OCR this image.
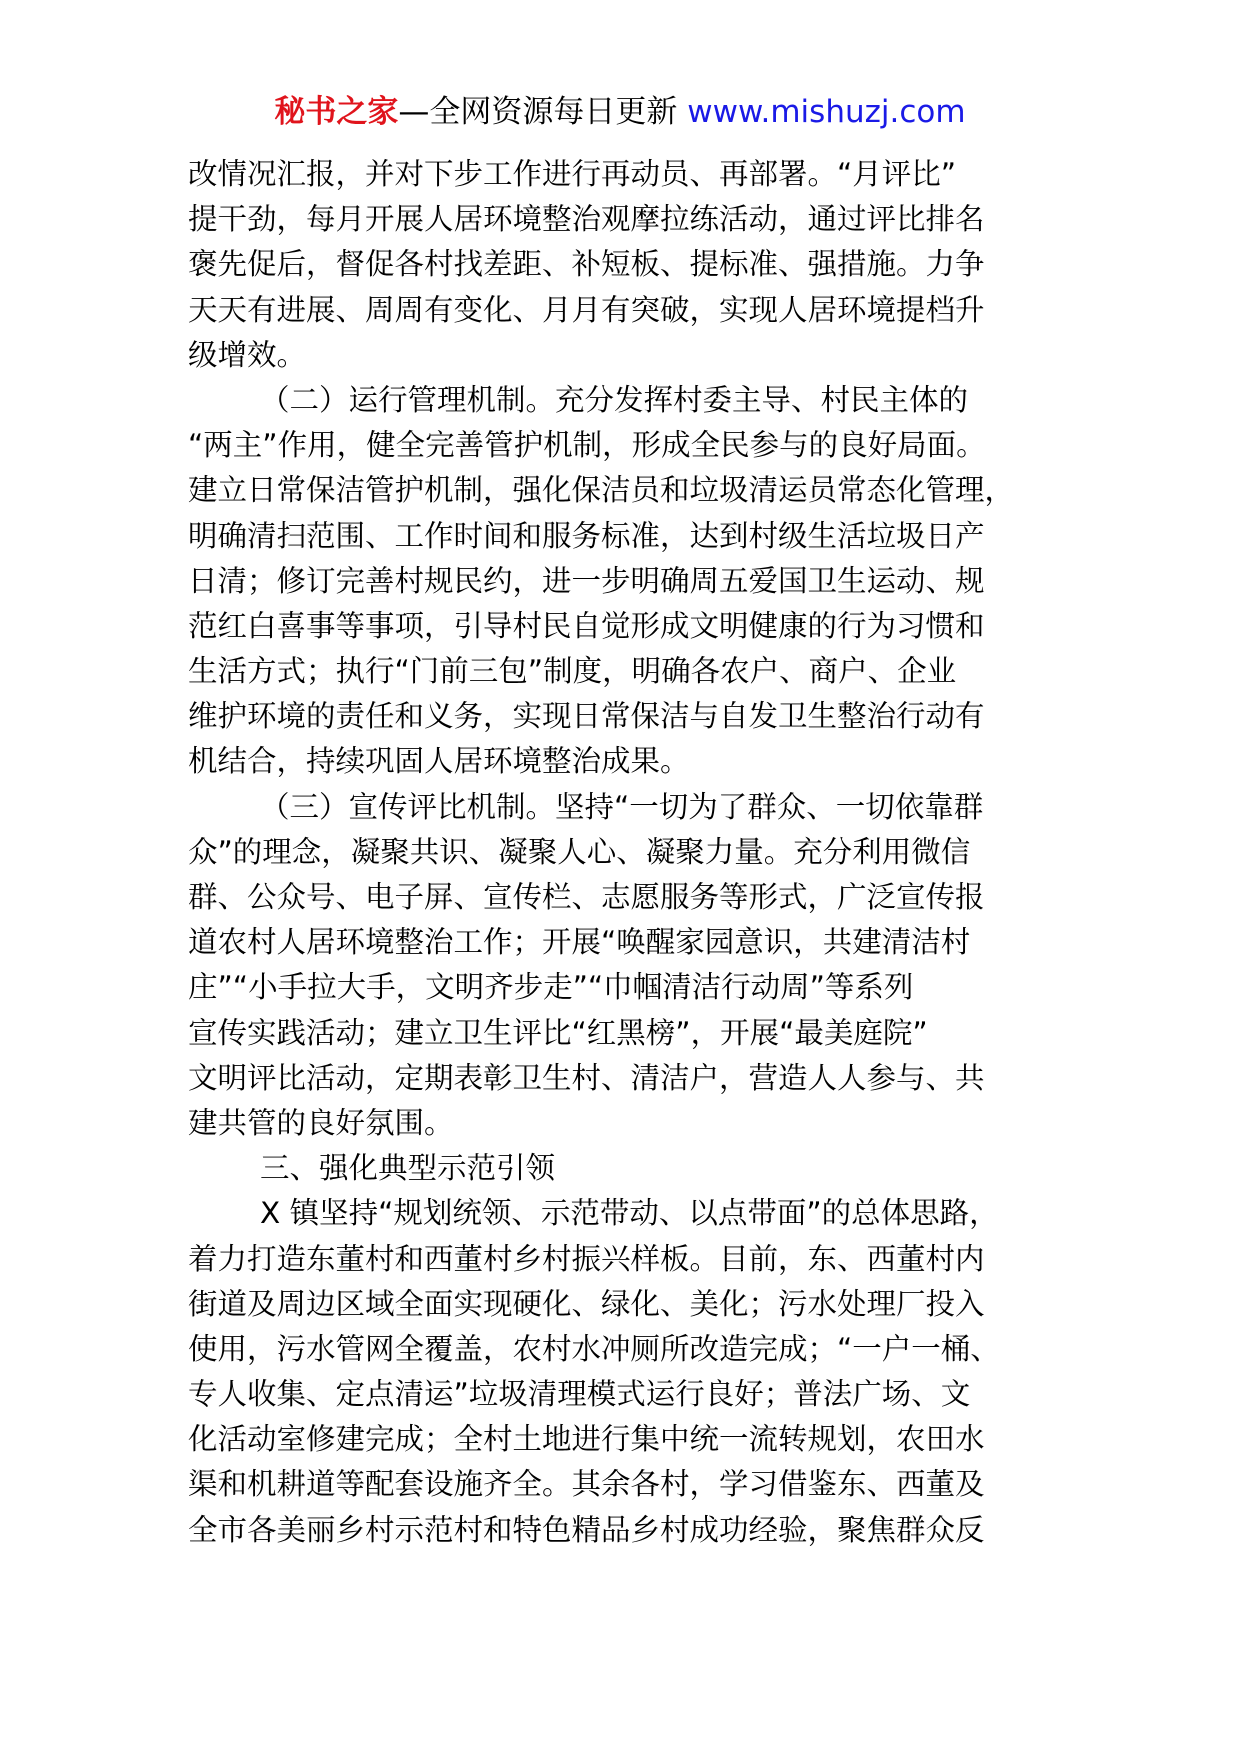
秘书之家—全网资源每日更新 www.mishuzj.com
改情况汇报，并对下步工作进行再动员、再部署。“月评比”
提干劲，每月开展人居环境整治观摩拉练活动，通过评比排名
褒先促后，督促各村找差距、补短板、提标准、强措施。力争
天天有进展、周周有变化、月月有突破，实现人居环境提档升
级增效。
（二）运行管理机制。充分发挥村委主导、村民主体的
“两主”作用，健全完善管护机制，形成全民参与的良好局面。
建立日常保洁管护机制，强化保洁员和垃圾清运员常态化管理，
明确清扫范围、工作时间和服务标准，达到村级生活垃圾日产
日清；修订完善村规民约，进一步明确周五爱国卫生运动、规
范红白喜事等事项，引导村民自觉形成文明健康的行为习惯和
生活方式；执行“门前三包”制度，明确各农户、商户、企业
维护环境的责任和义务，实现日常保洁与自发卫生整治行动有
机结合，持续巩固人居环境整治成果。
（三）宣传评比机制。坚持“一切为了群众、一切依靠群
众”的理念，凝聚共识、凝聚人心、凝聚力量。充分利用微信
群、公众号、电子屏、宣传栏、志愿服务等形式，广泛宣传报
道农村人居环境整治工作；开展“唤醒家园意识，共建清洁村
庄”“小手拉大手，文明齐步走”“巾帼清洁行动周”等系列
宣传实践活动；建立卫生评比“红黑榜”，开展“最美庭院”
文明评比活动，定期表彰卫生村、清洁户，营造人人参与、共
建共管的良好氛围。
三、强化典型示范引领
X 镇坚持“规划统领、示范带动、以点带面”的总体思路，
着力打造东董村和西董村乡村振兴样板。目前，东、西董村内
街道及周边区域全面实现硬化、绿化、美化；污水处理厂投入
使用，污水管网全覆盖，农村水冲厕所改造完成；“一户一桶、
专人收集、定点清运”垃圾清理模式运行良好；普法广场、文
化活动室修建完成；全村土地进行集中统一流转规划，农田水
渠和机耕道等配套设施齐全。其余各村，学习借鉴东、西董及
全市各美丽乡村示范村和特色精品乡村成功经验，聚焦群众反
